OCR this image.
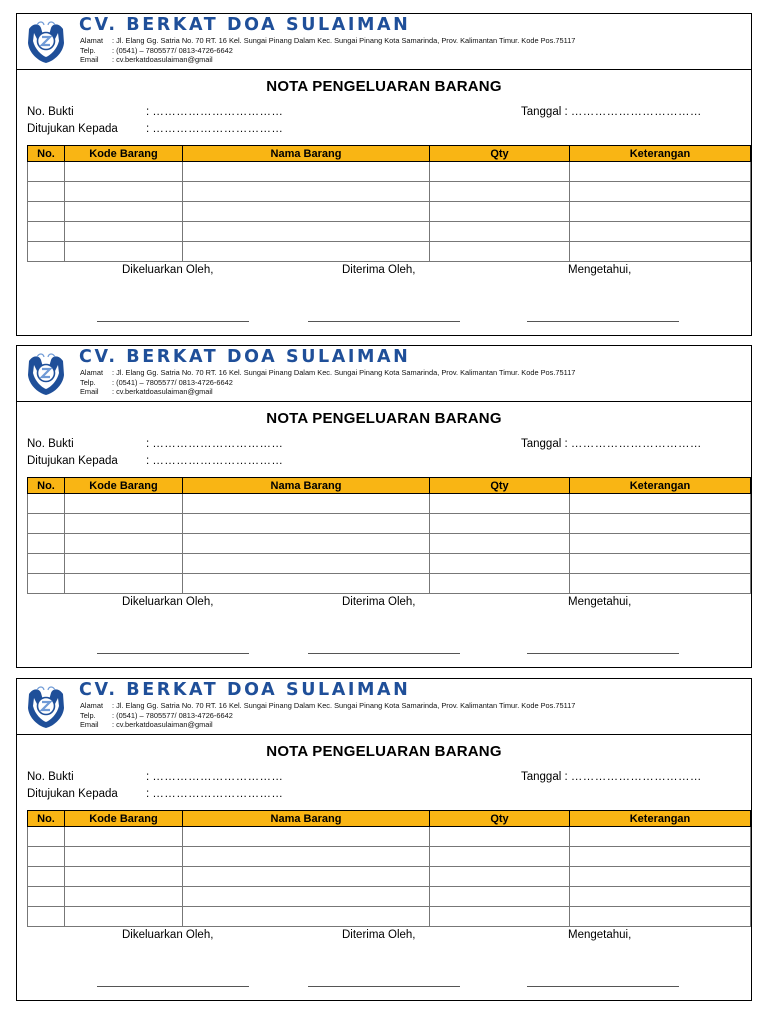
CV. BERKAT DOA SULAIMAN
Alamat	: Jl. Elang Gg. Satria No. 70 RT. 16 Kel. Sungai Pinang Dalam Kec. Sungai Pinang Kota Samarinda, Prov. Kalimantan Timur. Kode Pos.75117
Telp.	: (0541) – 7805577/ 0813-4726-6642
Email	: cv.berkatdoasulaiman@gmail
NOTA PENGELUARAN BARANG
No. Bukti	: ……………………………
Ditujukan Kepada : ……………………………
Tanggal : ……………………………
No.	Kode Barang	Nama Barang	Qty	Keterangan

Dikeluarkan Oleh,	Diterima Oleh,	Mengetahui,
CV. BERKAT DOA SULAIMAN
Alamat	: Jl. Elang Gg. Satria No. 70 RT. 16 Kel. Sungai Pinang Dalam Kec. Sungai Pinang Kota Samarinda, Prov. Kalimantan Timur. Kode Pos.75117
Telp.	: (0541) – 7805577/ 0813-4726-6642
Email	: cv.berkatdoasulaiman@gmail
NOTA PENGELUARAN BARANG
No. Bukti	: ……………………………
Ditujukan Kepada : ……………………………
Tanggal : ……………………………
No.	Kode Barang	Nama Barang	Qty	Keterangan

Dikeluarkan Oleh,	Diterima Oleh,	Mengetahui,
CV. BERKAT DOA SULAIMAN
Alamat	: Jl. Elang Gg. Satria No. 70 RT. 16 Kel. Sungai Pinang Dalam Kec. Sungai Pinang Kota Samarinda, Prov. Kalimantan Timur. Kode Pos.75117
Telp.	: (0541) – 7805577/ 0813-4726-6642
Email	: cv.berkatdoasulaiman@gmail
NOTA PENGELUARAN BARANG
No. Bukti	: ……………………………
Ditujukan Kepada : ……………………………
Tanggal : ……………………………
No.	Kode Barang	Nama Barang	Qty	Keterangan

Dikeluarkan Oleh,	Diterima Oleh,	Mengetahui,
